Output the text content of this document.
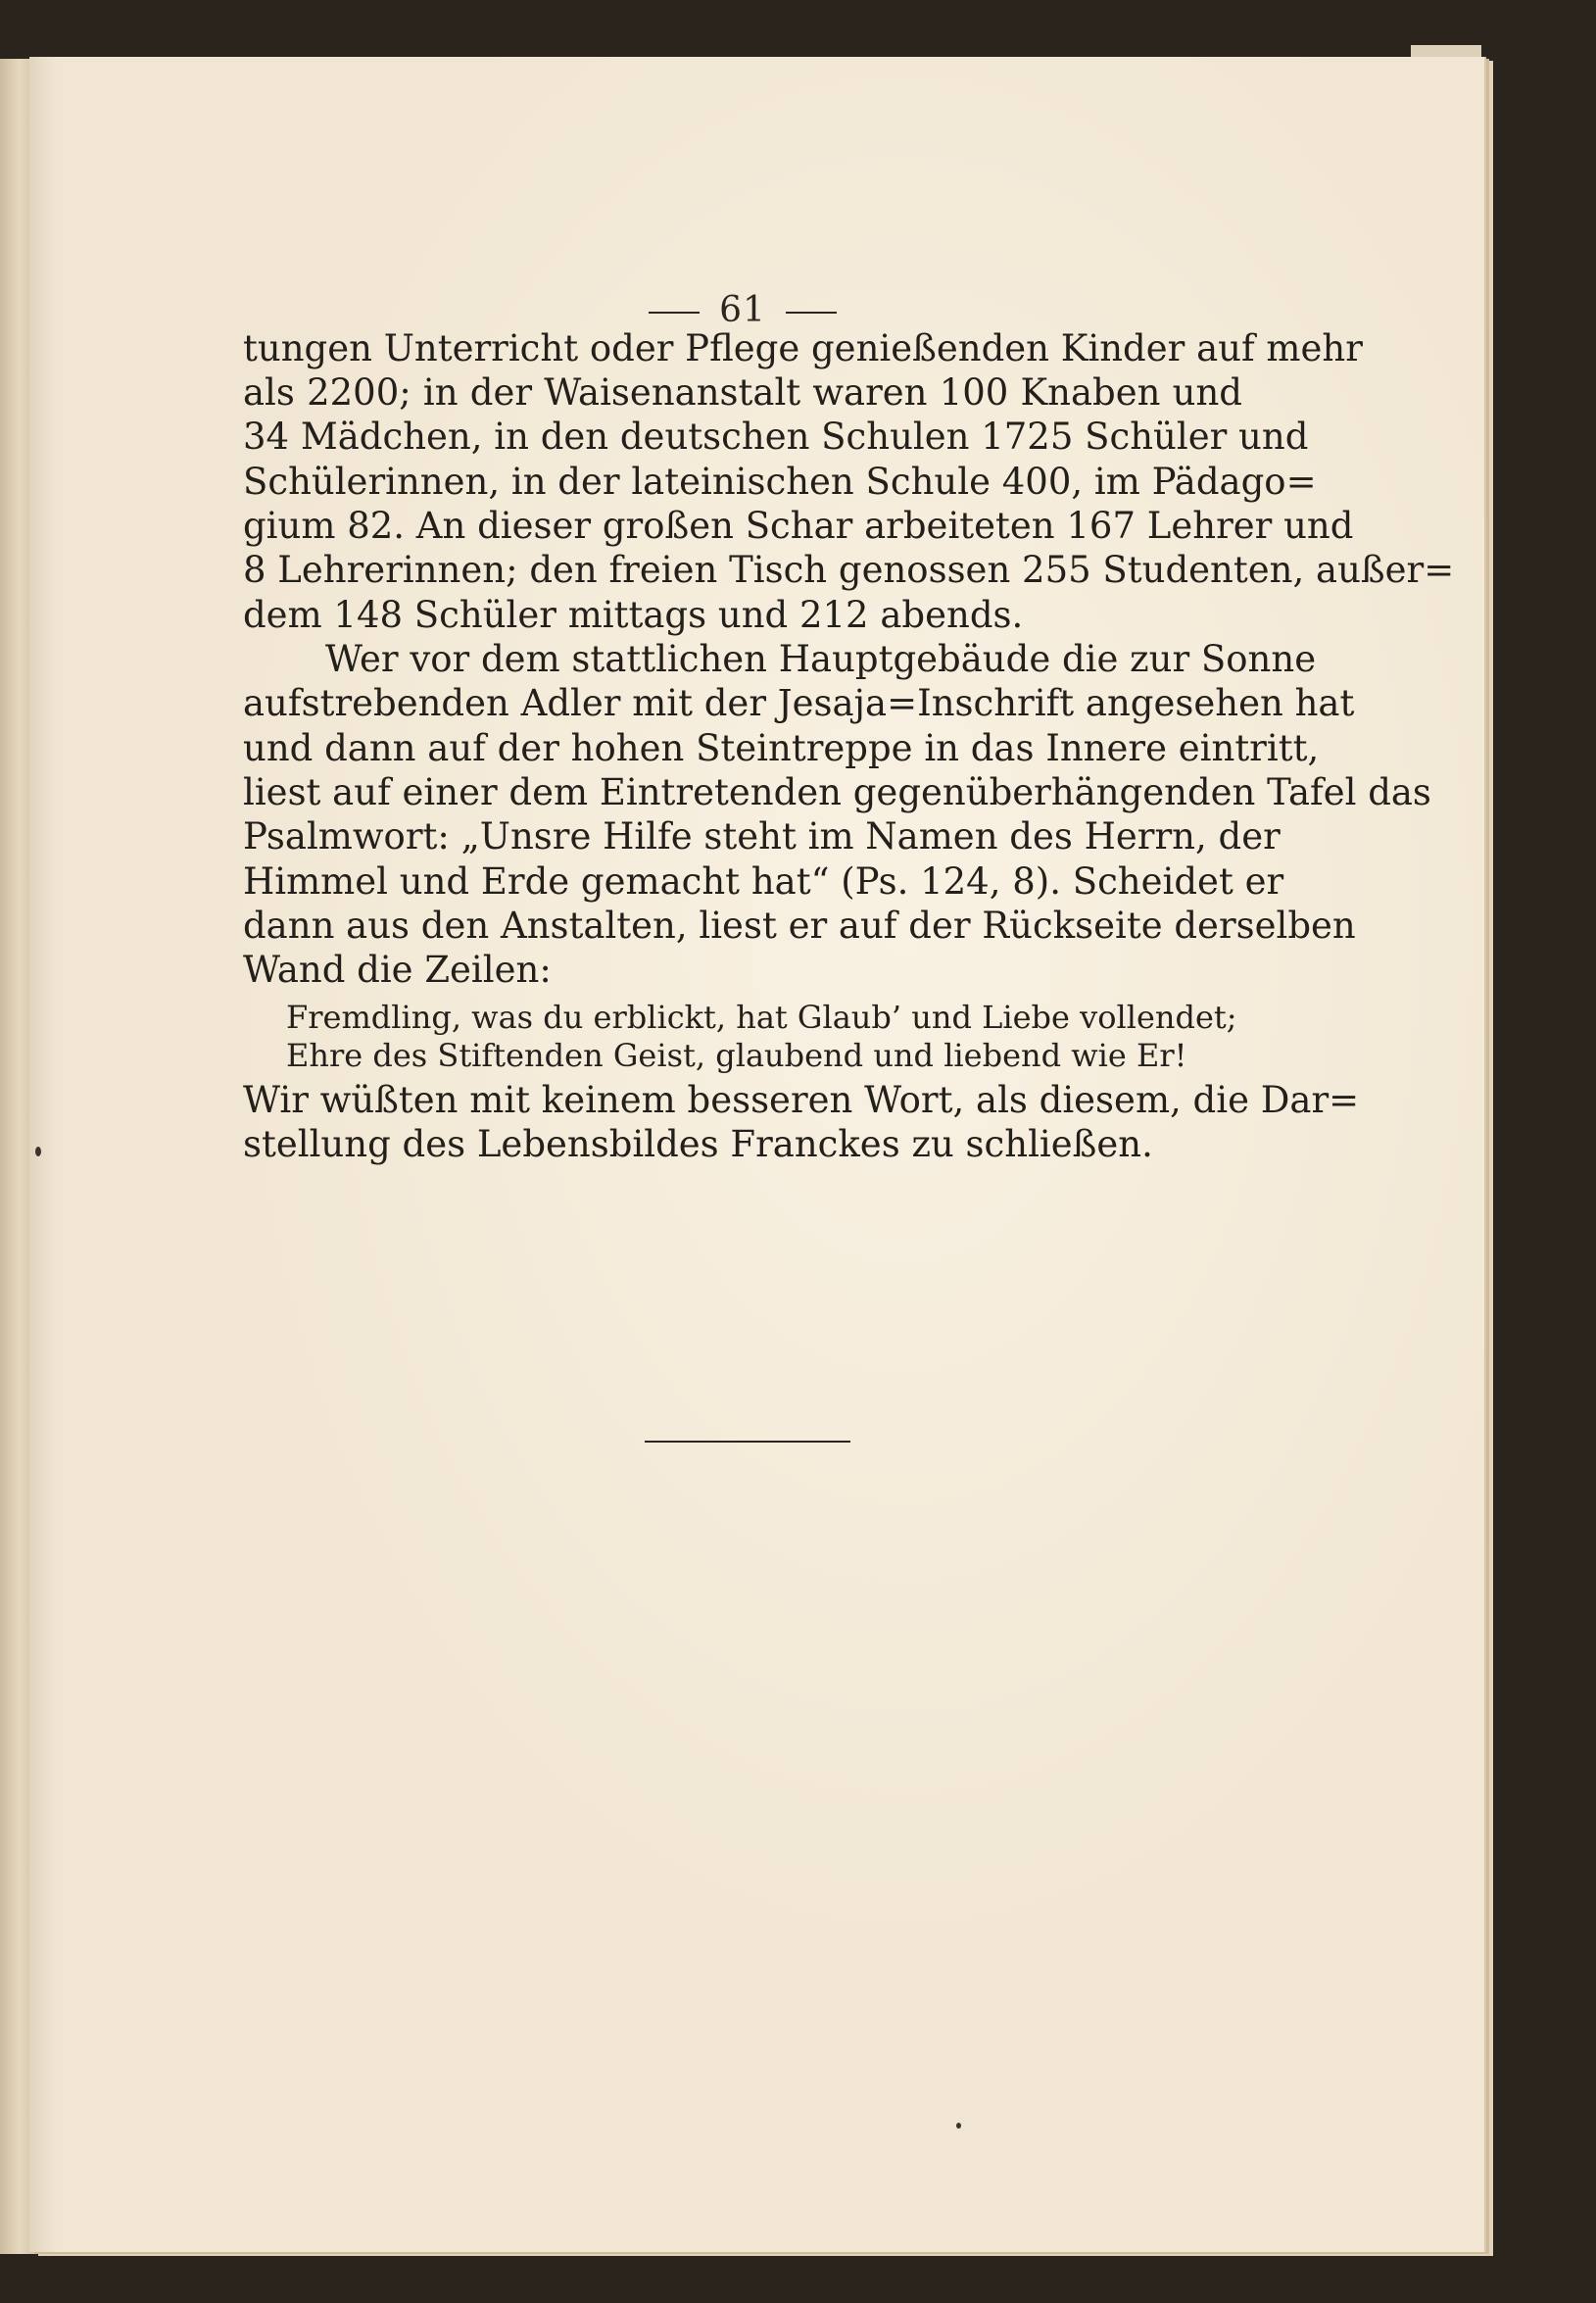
61
tungen Unterricht oder Pflege genießenden Kinder auf mehr
als 2200; in der Waisenanstalt waren 100 Knaben und
34 Mädchen, in den deutschen Schulen 1725 Schüler und
Schülerinnen, in der lateinischen Schule 400, im Pädago=
gium 82. An dieser großen Schar arbeiteten 167 Lehrer und
8 Lehrerinnen; den freien Tisch genossen 255 Studenten, außer=
dem 148 Schüler mittags und 212 abends.
Wer vor dem stattlichen Hauptgebäude die zur Sonne
aufstrebenden Adler mit der Jesaja=Inschrift angesehen hat
und dann auf der hohen Steintreppe in das Innere eintritt,
liest auf einer dem Eintretenden gegenüberhängenden Tafel das
Psalmwort: „Unsre Hilfe steht im Namen des Herrn, der
Himmel und Erde gemacht hat“ (Ps. 124, 8). Scheidet er
dann aus den Anstalten, liest er auf der Rückseite derselben
Wand die Zeilen:
Fremdling, was du erblickt, hat Glaub’ und Liebe vollendet;
Ehre des Stiftenden Geist, glaubend und liebend wie Er!
Wir wüßten mit keinem besseren Wort, als diesem, die Dar=
stellung des Lebensbildes Franckes zu schließen.
